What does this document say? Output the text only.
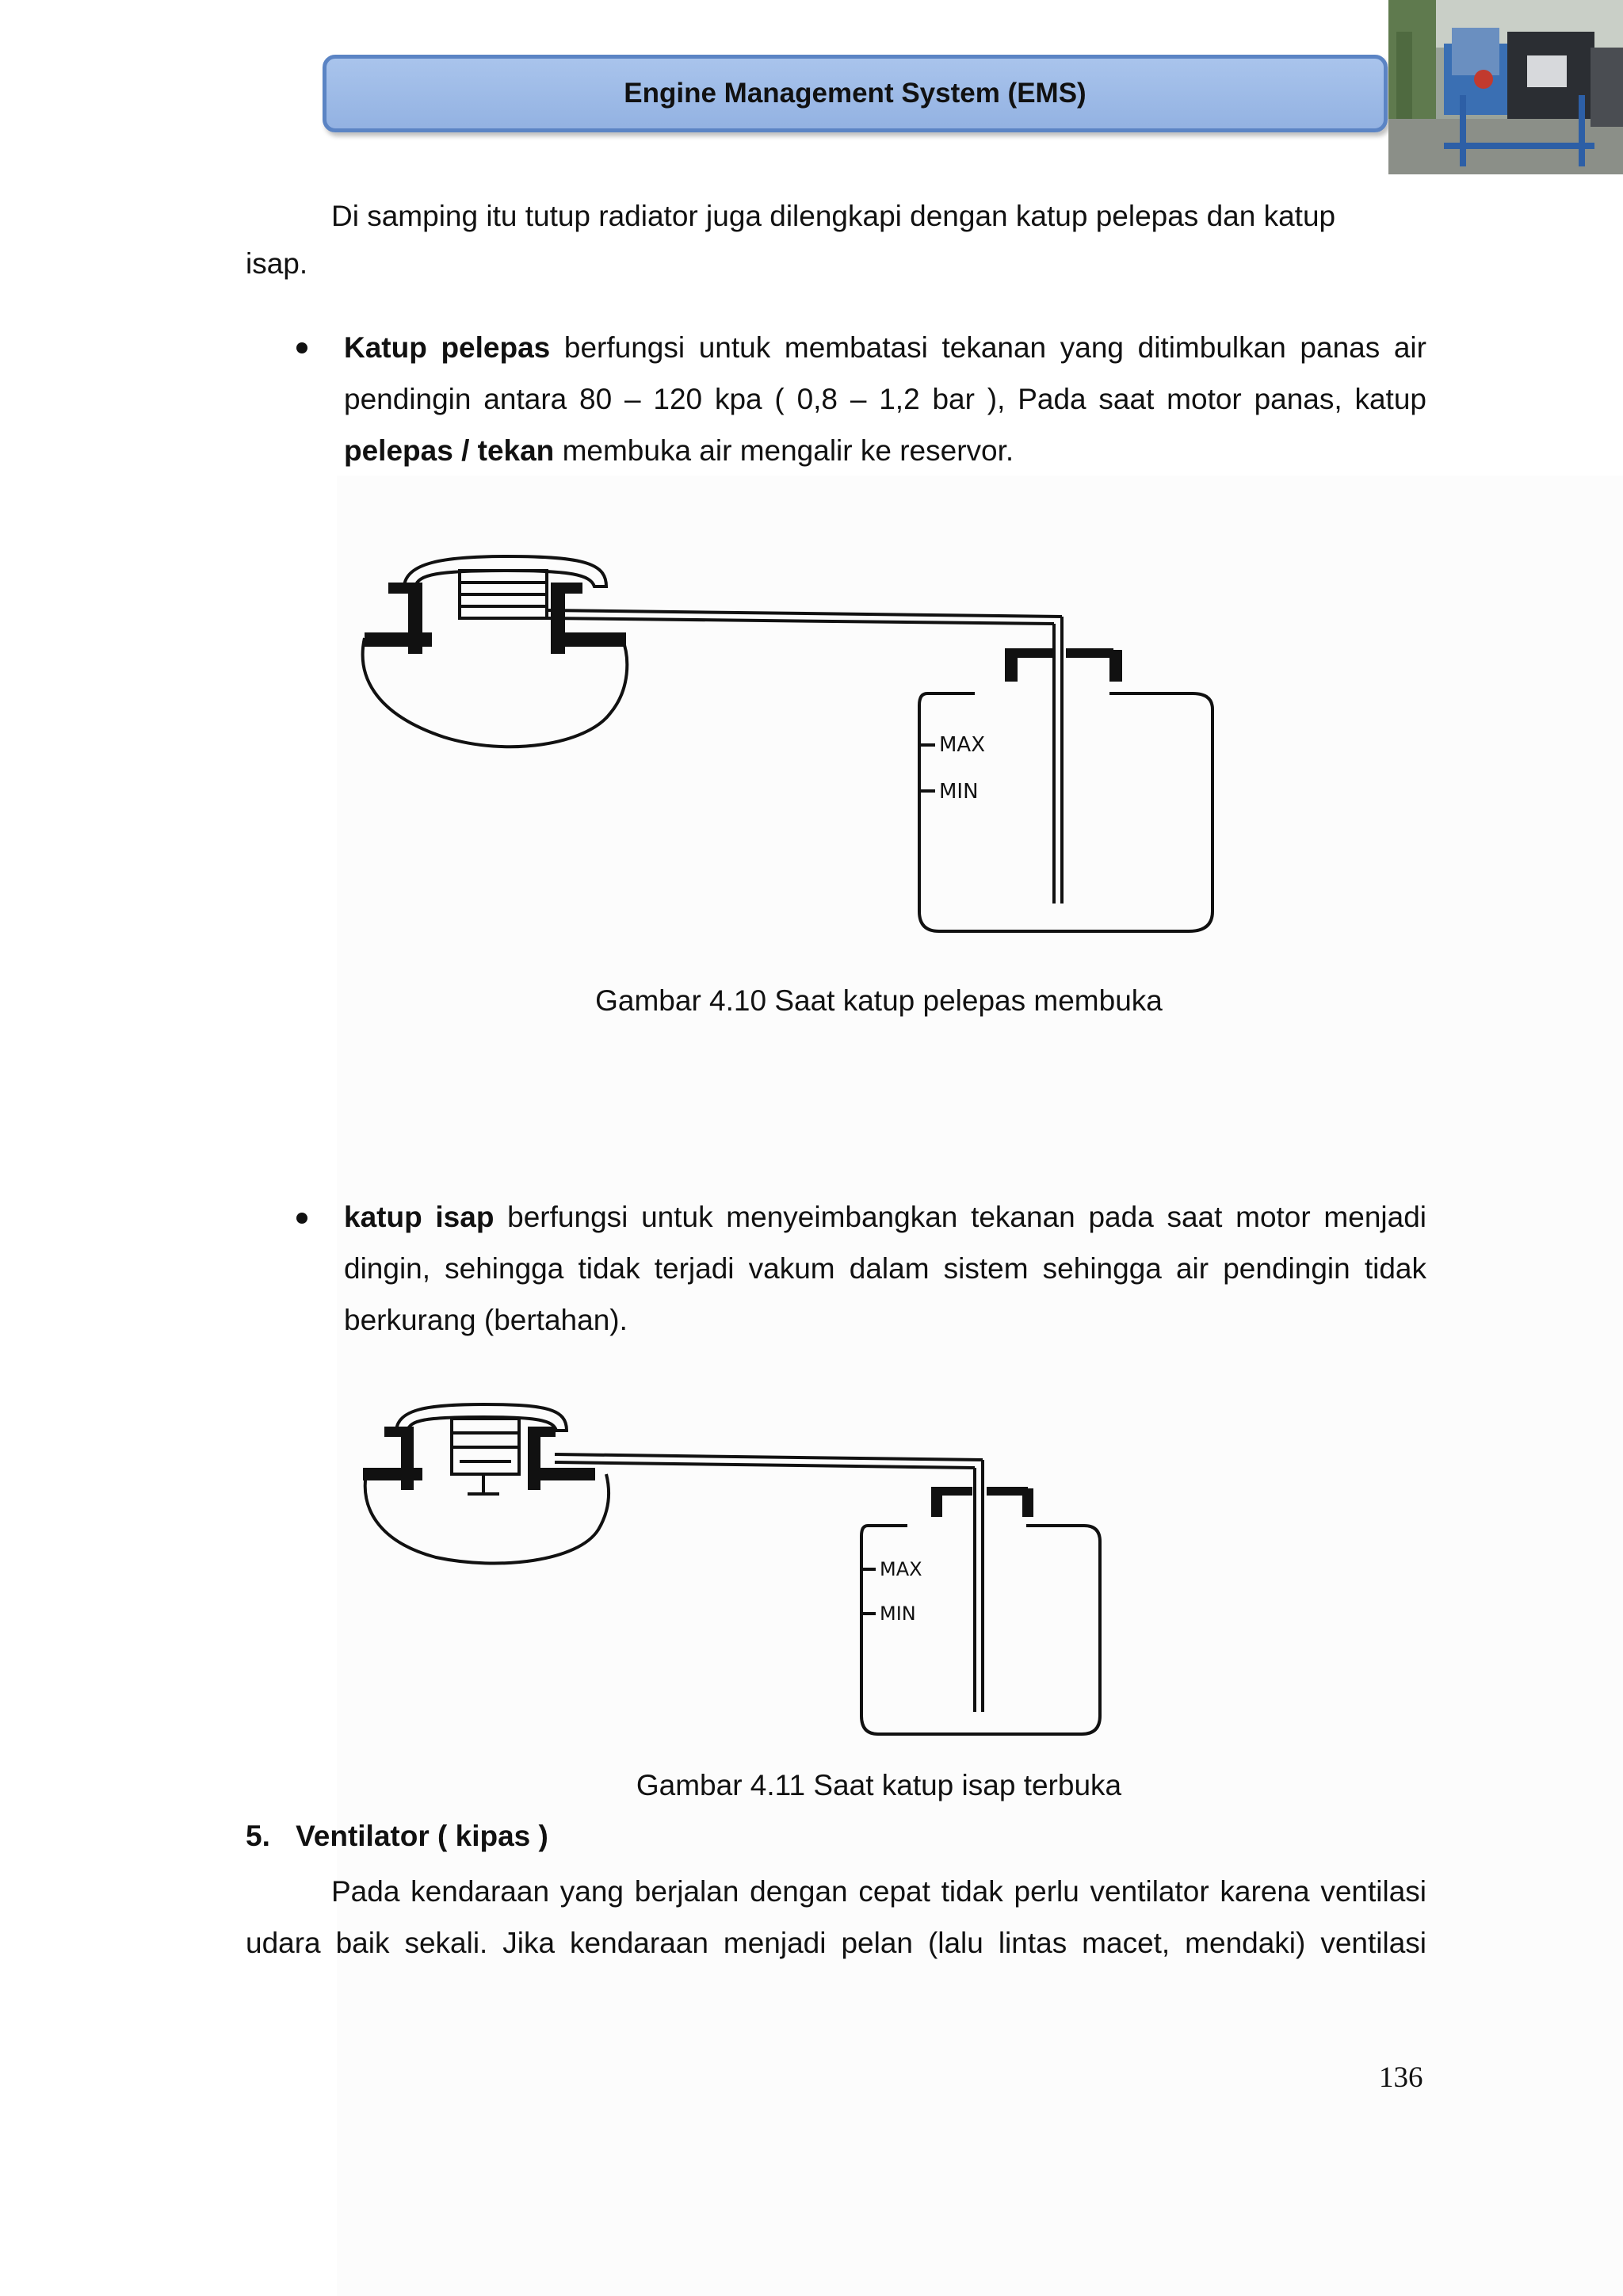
Engine Management System (EMS)
Di samping itu tutup radiator juga dilengkapi dengan katup pelepas dan katup
isap.
Katup pelepas berfungsi untuk membatasi tekanan yang ditimbulkan panas air
pendingin antara 80 – 120 kpa ( 0,8 – 1,2 bar ), Pada saat motor panas, katup
pelepas / tekan membuka air mengalir ke reservor.
MAX
MIN
Gambar 4.10 Saat katup pelepas membuka
katup isap berfungsi untuk menyeimbangkan tekanan pada saat motor menjadi
dingin, sehingga tidak terjadi vakum dalam sistem sehingga air pendingin tidak
berkurang (bertahan).
MAX
MIN
Gambar 4.11 Saat katup isap terbuka
5. Ventilator ( kipas )
Pada kendaraan yang berjalan dengan cepat tidak perlu ventilator karena ventilasi
udara baik sekali. Jika kendaraan menjadi pelan (lalu lintas macet, mendaki) ventilasi
136
